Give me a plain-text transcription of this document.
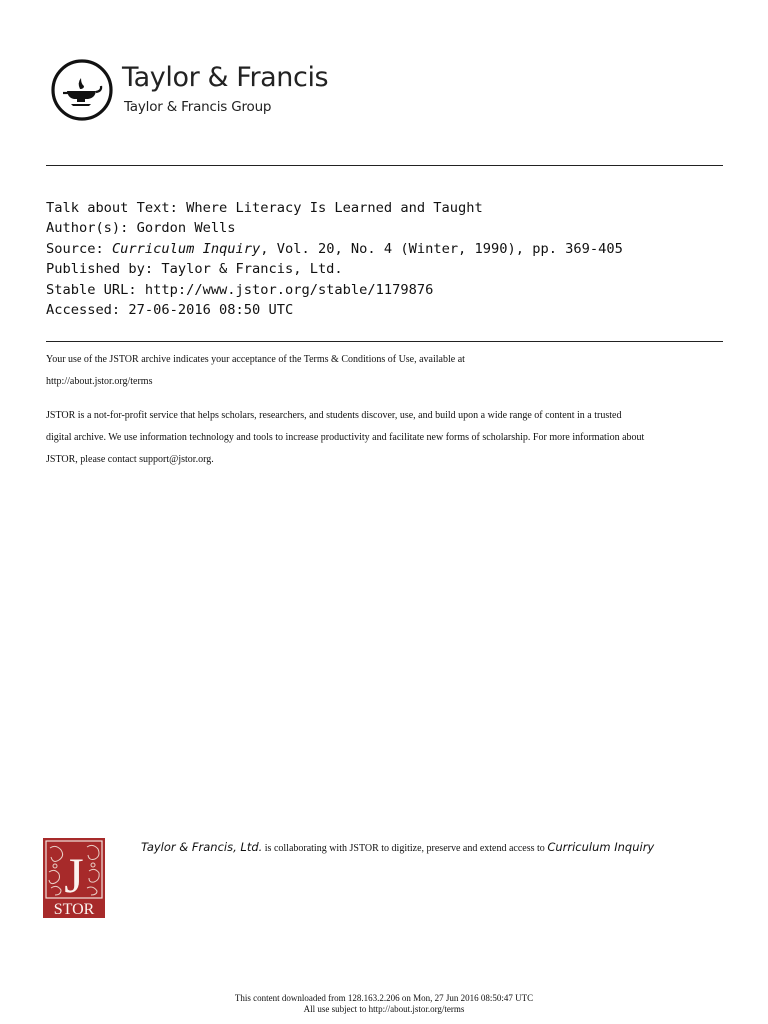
Taylor & Francis
Taylor & Francis Group
Talk about Text: Where Literacy Is Learned and Taught
Author(s): Gordon Wells
Source: Curriculum Inquiry, Vol. 20, No. 4 (Winter, 1990), pp. 369-405
Published by: Taylor & Francis, Ltd.
Stable URL: http://www.jstor.org/stable/1179876
Accessed: 27-06-2016 08:50 UTC

Your use of the JSTOR archive indicates your acceptance of the Terms & Conditions of Use, available at

http://about.jstor.org/terms

JSTOR is a not-for-profit service that helps scholars, researchers, and students discover, use, and build upon a wide range of content in a trusted

digital archive. We use information technology and tools to increase productivity and facilitate new forms of scholarship. For more information about

JSTOR, please contact support@jstor.org.

J
STOR
Taylor & Francis, Ltd. is collaborating with JSTOR to digitize, preserve and extend access to Curriculum Inquiry
This content downloaded from 128.163.2.206 on Mon, 27 Jun 2016 08:50:47 UTC
All use subject to http://about.jstor.org/terms
